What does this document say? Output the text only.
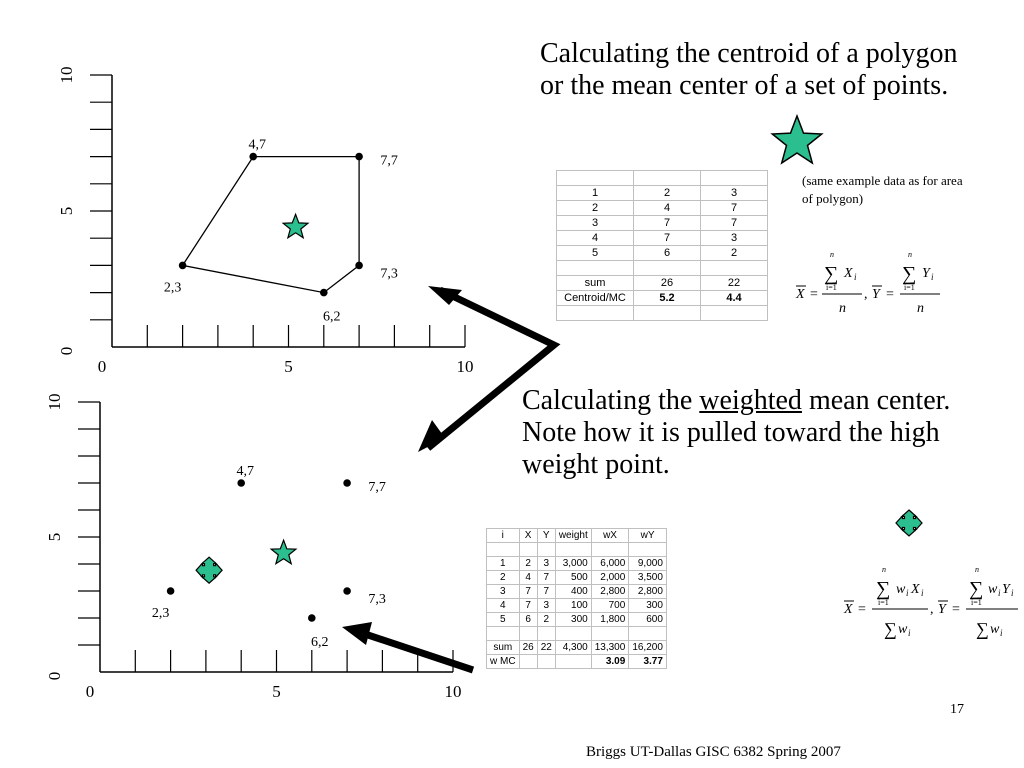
0	5	10
0
5
10
2,3
4,7
7,7
7,3
6,2
0	5	10
0
5
10
2,3
4,7
7,7
7,3
6,2

Calculating the centroid of a polygon or the mean center of a set of points.

Calculating the weighted mean center. Note how it is pulled toward the high weight point.

(same example data as for area of polygon)

1	2	3
2	4	7
3	7	7
4	7	3
5	6	2

sum	26	22
Centroid/MC	5.2	4.4

i	X	Y	weight	wX	wY

1	2	3	3,000	6,000	9,000
2	4	7	500	2,000	3,500
3	7	7	400	2,800	2,800
4	7	3	100	700	300
5	6	2	300	1,800	600

sum	26	22	4,300	13,300	16,200
w MC				3.09	3.77
X =
n
∑
i=1
X i
n
, Y =
n
∑
i=1
Y i
n
X =
n
∑
i=1
w i X i
∑ w i
, Y =
n
∑
i=1
w i Y i
∑ w i
17
Briggs UT-Dallas GISC 6382 Spring 2007
